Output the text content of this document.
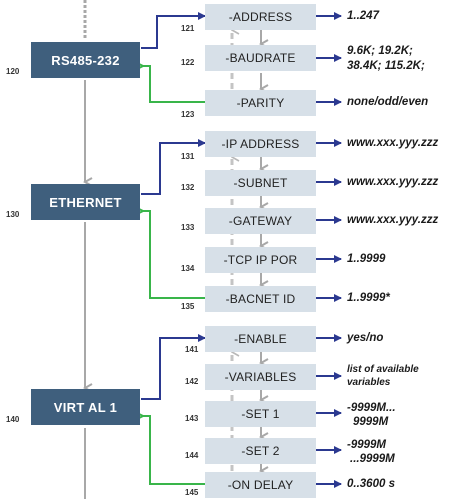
RS485-232
120
121
-ADDRESS	1..247
122	-BAUDRATE	9.6K; 19.2K;
38.4K; 115.2K;
123
-PARITY	none/odd/even
ETHERNET
130
131
-IP ADDRESS	www.xxx.yyy.zzz
132	-SUBNET	www.xxx.yyy.zzz
133	-GATEWAY	www.xxx.yyy.zzz
134
-TCP IP POR	1..9999
135
-BACNET ID	1..9999*
VIRT AL 1
140
141
-ENABLE	yes/no
142 -VARIABLES
list of available
variables
143	-SET 1	-9999M...
9999M
144	-SET 2	-9999M
...9999M
145
-ON DELAY	0..3600 s
